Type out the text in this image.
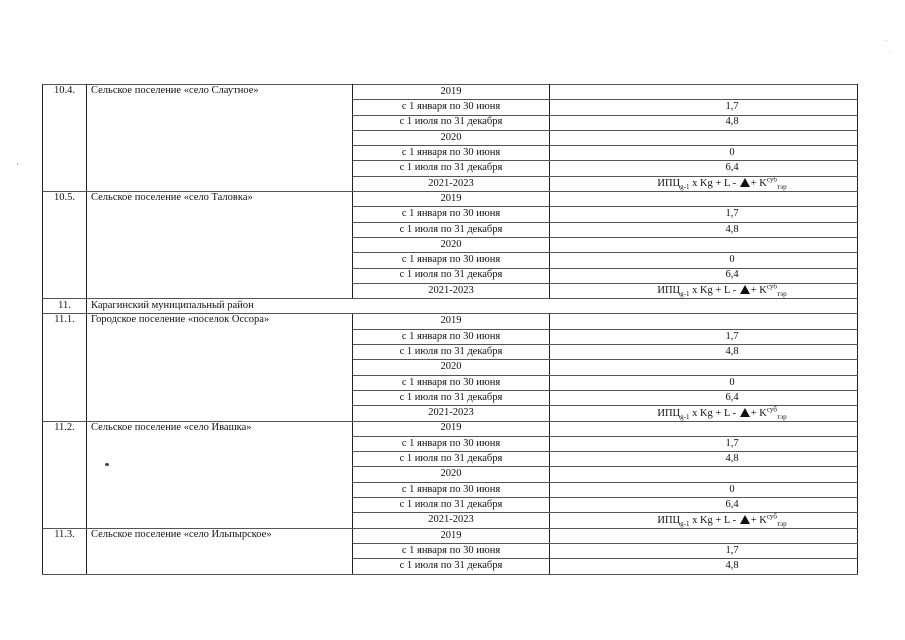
10.4.	Сельское поселение «село Слаутное»	2019	
		с 1 января по 30 июня	1,7
		с 1 июля по 31 декабря	4,8
		2020	
		с 1 января по 30 июня	0
		с 1 июля по 31 декабря	6,4
		2021-2023	$ИПЦ_{g-1}$ x Kg + L - + $K^{суб}_{тэр}$
10.5.	Сельское поселение «село Таловка»	2019	
		с 1 января по 30 июня	1,7
		с 1 июля по 31 декабря	4,8
		2020	
		с 1 января по 30 июня	0
		с 1 июля по 31 декабря	6,4
		2021-2023	$ИПЦ_{g-1}$ x Kg + L - + $K^{суб}_{тэр}$
11.	Карагинский муниципальный район		
11.1.	Городское поселение «поселок Оссора»	2019	
		с 1 января по 30 июня	1,7
		с 1 июля по 31 декабря	4,8
		2020	
		с 1 января по 30 июня	0
		с 1 июля по 31 декабря	6,4
		2021-2023	$ИПЦ_{g-1}$ x Kg + L - + $K^{суб}_{тэр}$
11.2.	Сельское поселение «село Ивашка»	2019	
		с 1 января по 30 июня	1,7
		с 1 июля по 31 декабря	4,8
		2020	
		с 1 января по 30 июня	0
		с 1 июля по 31 декабря	6,4
		2021-2023	$ИПЦ_{g-1}$ x Kg + L - + $K^{суб}_{тэр}$
11.3.	Сельское поселение «село Ильпырское»	2019	
		с 1 января по 30 июня	1,7
		с 1 июля по 31 декабря	4,8
